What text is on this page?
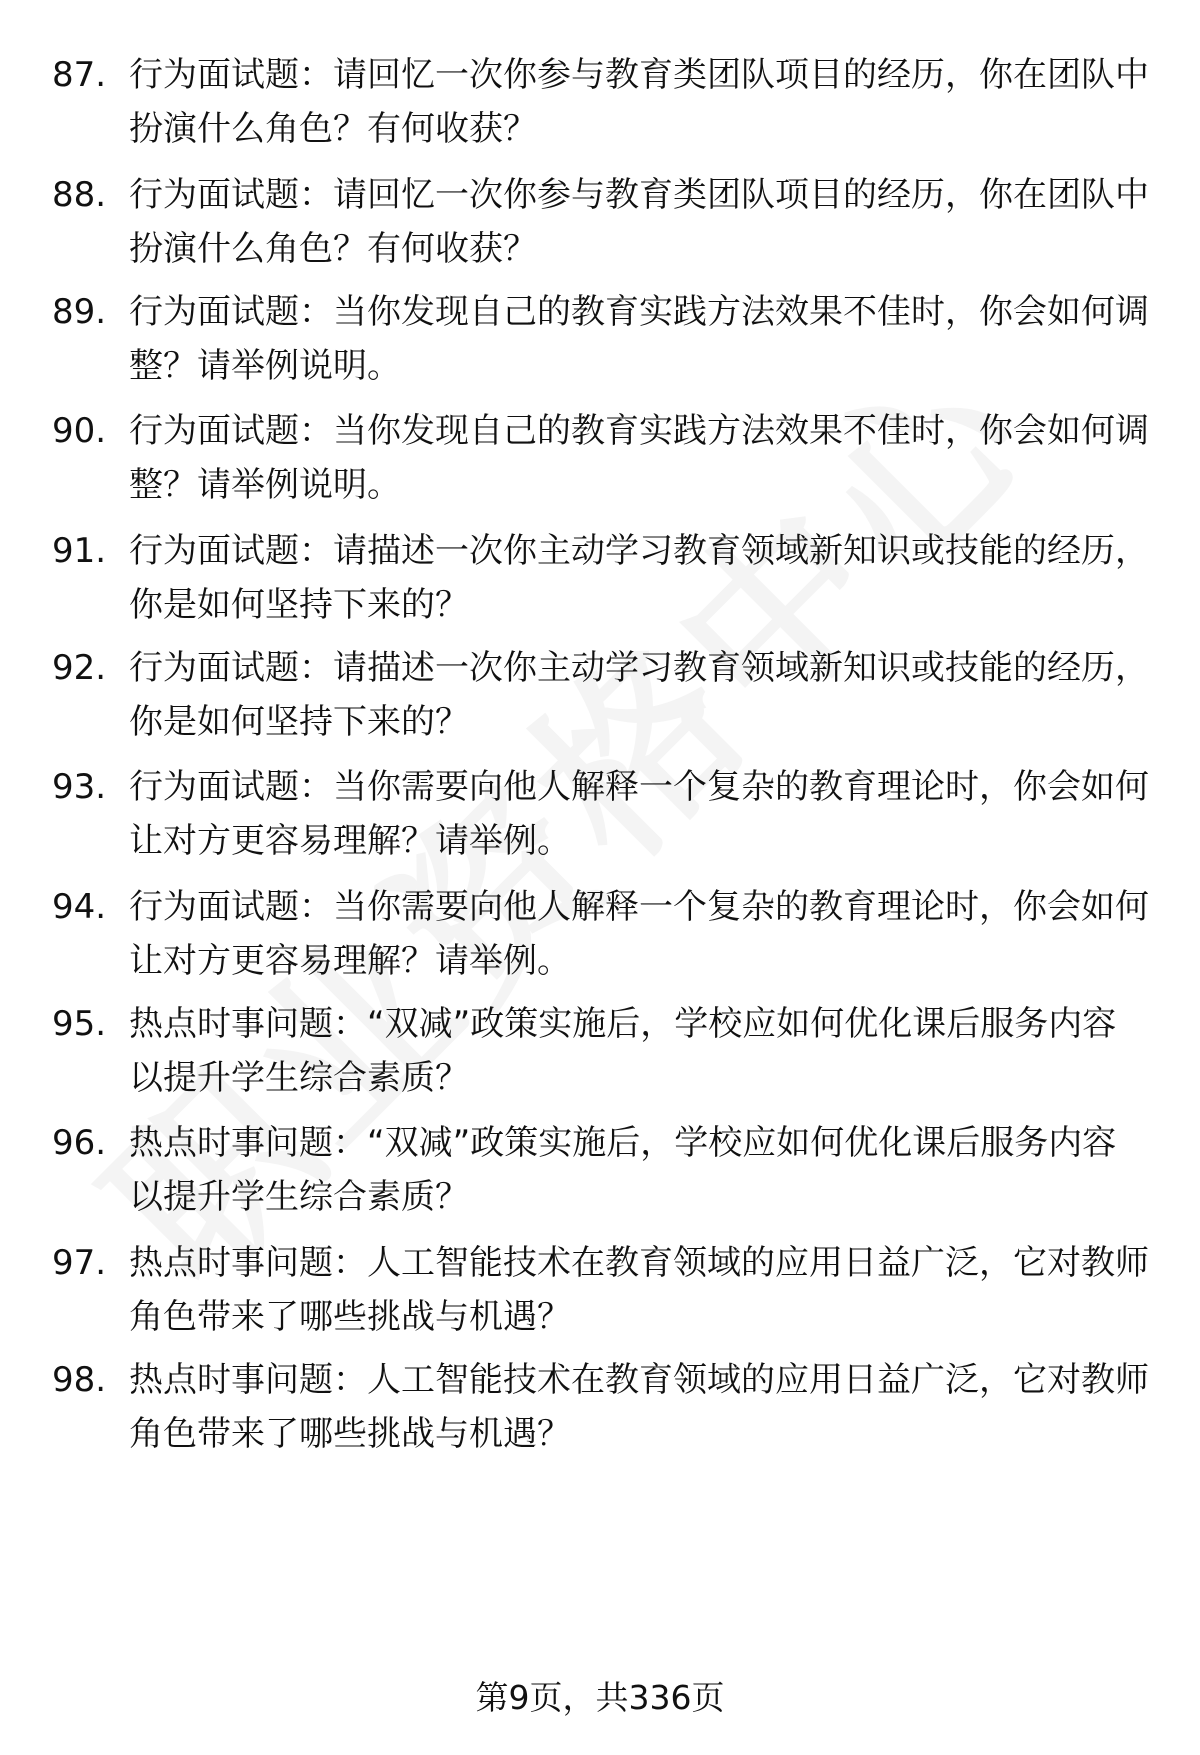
87. 行为面试题：请回忆一次你参与教育类团队项目的经历，你在团队中扮演什么角色？有何收获？
88. 行为面试题：请回忆一次你参与教育类团队项目的经历，你在团队中扮演什么角色？有何收获？
89. 行为面试题：当你发现自己的教育实践方法效果不佳时，你会如何调整？请举例说明。
90. 行为面试题：当你发现自己的教育实践方法效果不佳时，你会如何调整？请举例说明。
91. 行为面试题：请描述一次你主动学习教育领域新知识或技能的经历，你是如何坚持下来的？
92. 行为面试题：请描述一次你主动学习教育领域新知识或技能的经历，你是如何坚持下来的？
93. 行为面试题：当你需要向他人解释一个复杂的教育理论时，你会如何让对方更容易理解？请举例。
94. 行为面试题：当你需要向他人解释一个复杂的教育理论时，你会如何让对方更容易理解？请举例。
95. 热点时事问题：“双减”政策实施后，学校应如何优化课后服务内容以提升学生综合素质？
96. 热点时事问题：“双减”政策实施后，学校应如何优化课后服务内容以提升学生综合素质？
97. 热点时事问题：人工智能技术在教育领域的应用日益广泛，它对教师角色带来了哪些挑战与机遇？
98. 热点时事问题：人工智能技术在教育领域的应用日益广泛，它对教师角色带来了哪些挑战与机遇？
第9页，共336页
